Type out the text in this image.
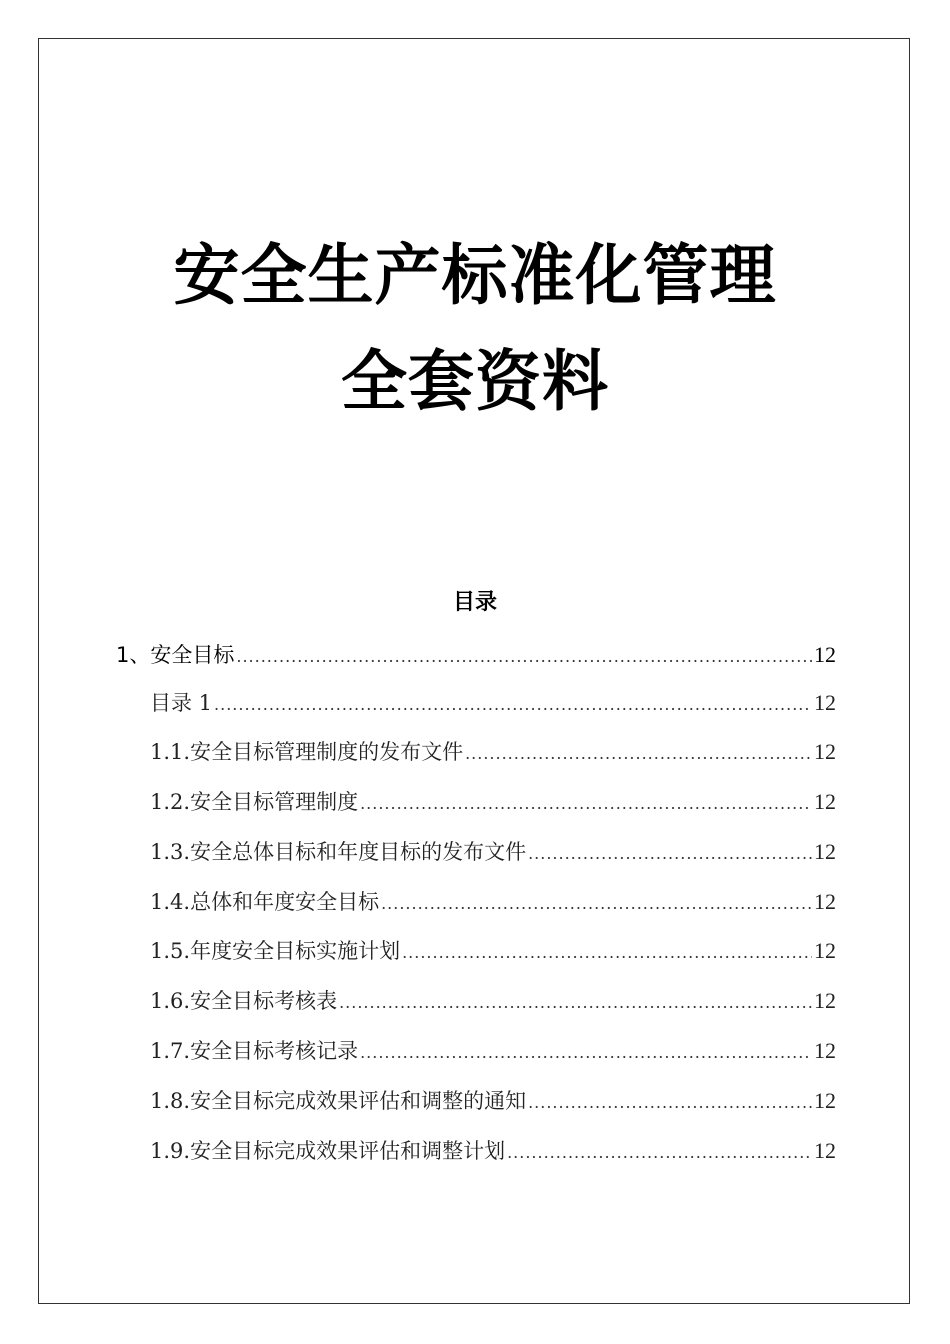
安全生产标准化管理
全套资料
目录
1、安全目标 .....	12
目录 1 .....	12
1.1.安全目标管理制度的发布文件 .....	12
1.2.安全目标管理制度 .....	12
1.3.安全总体目标和年度目标的发布文件 .....	12
1.4.总体和年度安全目标 .....	12
1.5.年度安全目标实施计划 .....	12
1.6.安全目标考核表 .....	12
1.7.安全目标考核记录 .....	12
1.8.安全目标完成效果评估和调整的通知 .....	12
1.9.安全目标完成效果评估和调整计划 .....	12
